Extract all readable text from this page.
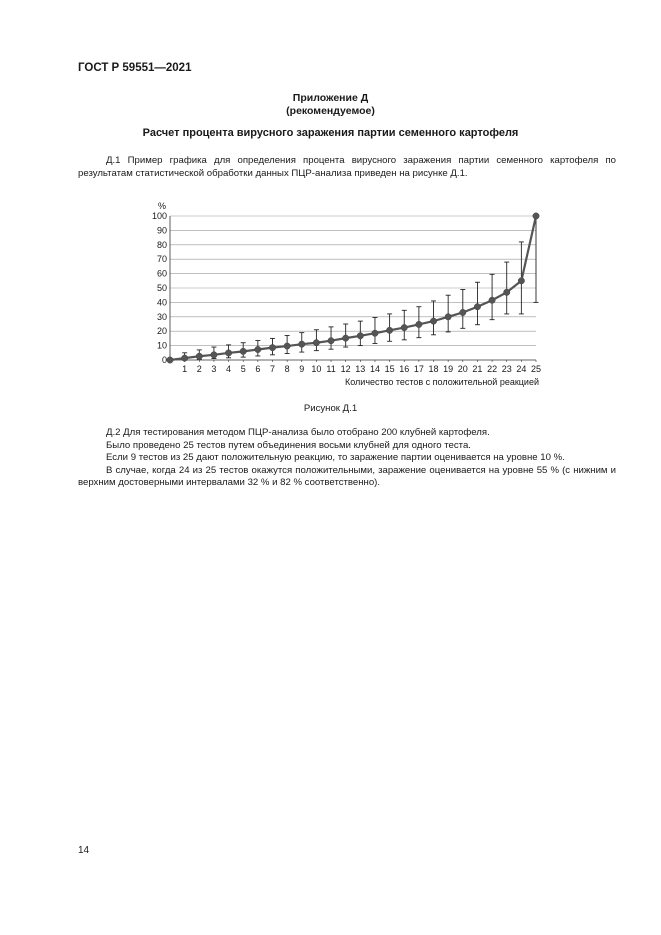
ГОСТ Р 59551—2021
Приложение Д
(рекомендуемое)
Расчет процента вирусного заражения партии семенного картофеля

Д.1 Пример графика для определения процента вирусного заражения партии семенного картофеля по результатам статистической обработки данных ПЦР-анализа приведен на рисунке Д.1.

0
10
20
30
40
50
60
70
80
90
100
1 2 3 4 5 6 7 8 9 10 11 12 13 14 15 16 17 18 19 20 21 22 23 24 25
%
Количество тестов с положительной реакцией
Рисунок Д.1

Д.2 Для тестирования методом ПЦР-анализа было отобрано 200 клубней картофеля.

Было проведено 25 тестов путем объединения восьми клубней для одного теста.

Если 9 тестов из 25 дают положительную реакцию, то заражение партии оценивается на уровне 10 %.

В случае, когда 24 из 25 тестов окажутся положительными, заражение оценивается на уровне 55 % (с нижним и верхним достоверными интервалами 32 % и 82 % соответственно).

14
